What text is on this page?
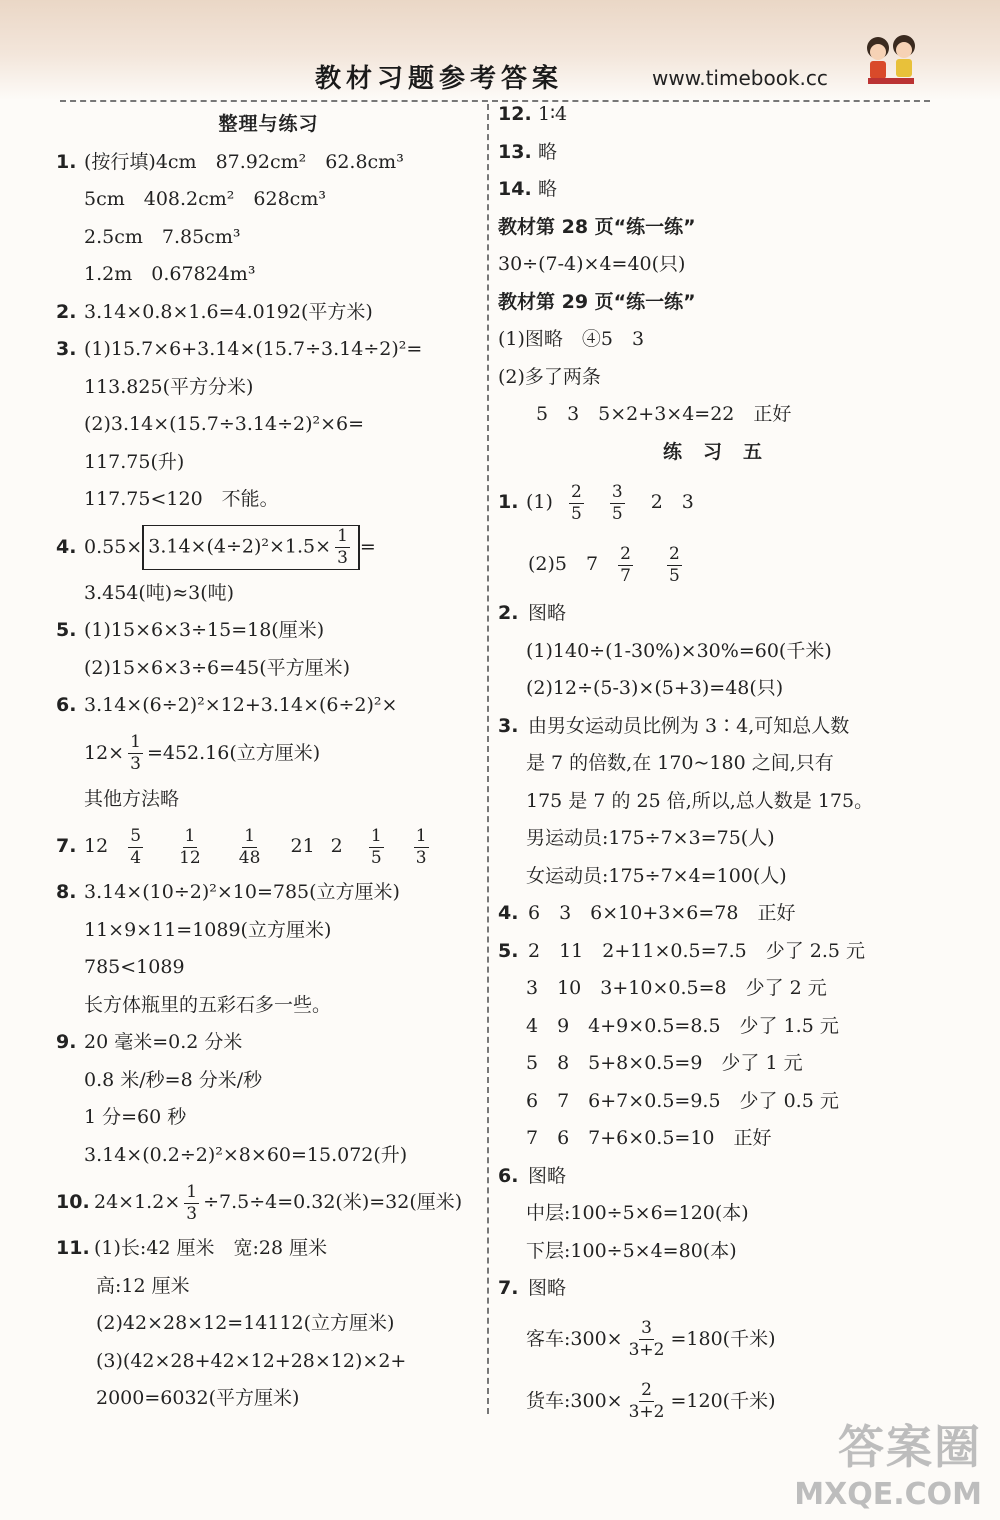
教材习题参考答案	www.timebook.cc
整理与练习
1. (按行填)4cm　87.92cm²　62.8cm³
5cm　408.2cm²　628cm³
2.5cm　7.85cm³
1.2m　0.67824m³
2. 3.14×0.8×1.6=4.0192(平方米)
3. (1)15.7×6+3.14×(15.7÷3.14÷2)²=
113.825(平方分米)
(2)3.14×(15.7÷3.14÷2)²×6=
117.75(升)
117.75<120　不能。
4. $0.55\times 3.14\times(4\div 2)^2\times 1.5\times \frac{1}{3}$ =
3.454(吨)≈3(吨)
5. (1)15×6×3÷15=18(厘米)
(2)15×6×3÷6=45(平方厘米)
6. 3.14×(6÷2)²×12+3.14×(6÷2)²×
$12\times \frac{1}{3} =452.16$(立方厘米)
其他方法略
7. $12 \frac{5}{4}$
$\frac{1}{12}$
$\frac{1}{48} 21$ $2 \frac{1}{5}$
$\frac{1}{3}$
8. 3.14×(10÷2)²×10=785(立方厘米)
11×9×11=1089(立方厘米)
785<1089
长方体瓶里的五彩石多一些。
9. 20 毫米=0.2 分米
0.8 米/秒=8 分米/秒
1 分=60 秒
3.14×(0.2÷2)²×8×60=15.072(升)
10. $24\times 1.2\times \frac{1}{3} \div 7.5\div 4=0.32$(米)=32(厘米)
11. (1)长:42 厘米　宽:28 厘米
高:12 厘米
(2)42×28×12=14112(立方厘米)
(3)(42×28+42×12+28×12)×2+
2000=6032(平方厘米)
12. 1∶4
13. 略
14. 略
教材第 28 页“练一练”
30÷(7-4)×4=40(只)
教材第 29 页“练一练”
(1)图略　④5　3
(2)多了两条
5　3　5×2+3×4=22　正好
练　习　五
1. $(1) \frac{2}{5}$
$\frac{3}{5} 2$　3
(2)5　$7 \frac{2}{7}$
$\frac{2}{5}$
2. 图略
(1)140÷(1-30%)×30%=60(千米)
(2)12÷(5-3)×(5+3)=48(只)
3. 由男女运动员比例为 3∶4,可知总人数
是 7 的倍数,在 170~180 之间,只有
175 是 7 的 25 倍,所以,总人数是 175。
男运动员:175÷7×3=75(人)
女运动员:175÷7×4=100(人)
4. 6　3　6×10+3×6=78　正好
5. 2　11　2+11×0.5=7.5　少了 2.5 元
3　10　3+10×0.5=8　少了 2 元
4　9　4+9×0.5=8.5　少了 1.5 元
5　8　5+8×0.5=9　少了 1 元
6　7　6+7×0.5=9.5　少了 0.5 元
7　6　7+6×0.5=10　正好
6. 图略
中层:100÷5×6=120(本)
下层:100÷5×4=80(本)
7. 图略
客车:300× $\frac{3}{3+2} =180$(千米)
货车:300× $\frac{2}{3+2} =120$(千米)
答案圈
MXQE.COM
